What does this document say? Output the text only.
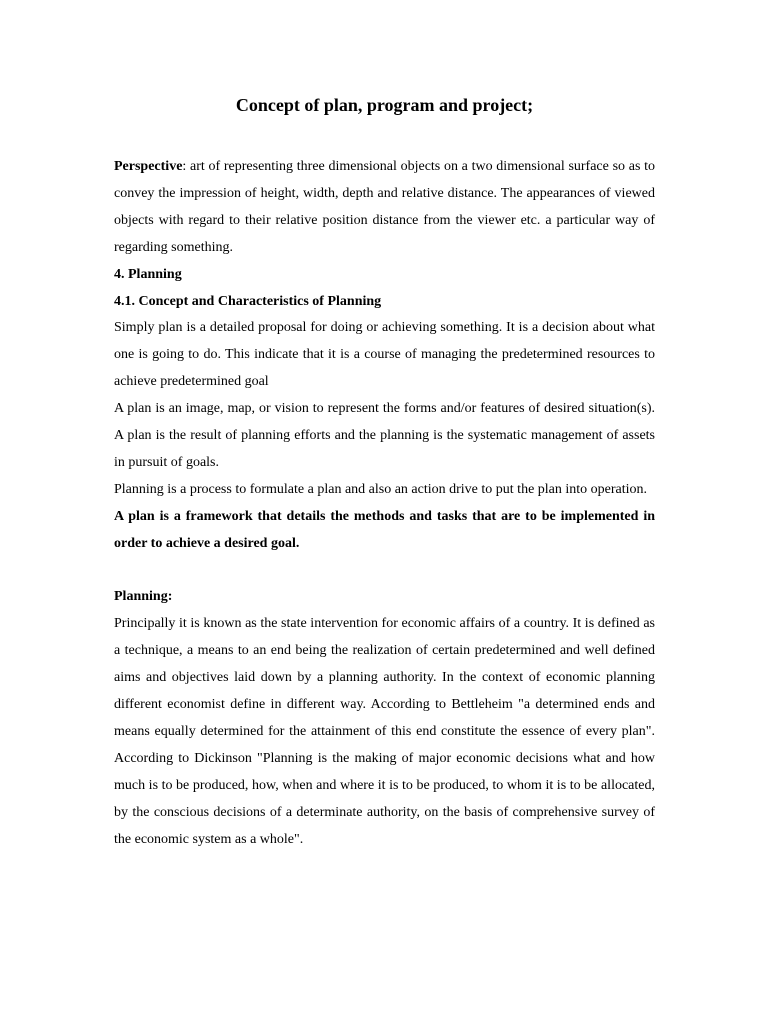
Concept of plan, program and project;

Perspective: art of representing three dimensional objects on a two dimensional surface so as to convey the impression of height, width, depth and relative distance. The appearances of viewed objects with regard to their relative position distance from the viewer etc. a particular way of regarding something.

4. Planning

4.1. Concept and Characteristics of Planning

Simply plan is a detailed proposal for doing or achieving something. It is a decision about what one is going to do. This indicate that it is a course of managing the predetermined resources to achieve predetermined goal

A plan is an image, map, or vision to represent the forms and/or features of desired situation(s). A plan is the result of planning efforts and the planning is the systematic management of assets in pursuit of goals.

Planning is a process to formulate a plan and also an action drive to put the plan into operation.

A plan is a framework that details the methods and tasks that are to be implemented in order to achieve a desired goal.

Planning:

Principally it is known as the state intervention for economic affairs of a country. It is defined as a technique, a means to an end being the realization of certain predetermined and well defined aims and objectives laid down by a planning authority. In the context of economic planning different economist define in different way. According to Bettleheim "a determined ends and means equally determined for the attainment of this end constitute the essence of every plan". According to Dickinson "Planning is the making of major economic decisions what and how much is to be produced, how, when and where it is to be produced, to whom it is to be allocated, by the conscious decisions of a determinate authority, on the basis of comprehensive survey of the economic system as a whole".
